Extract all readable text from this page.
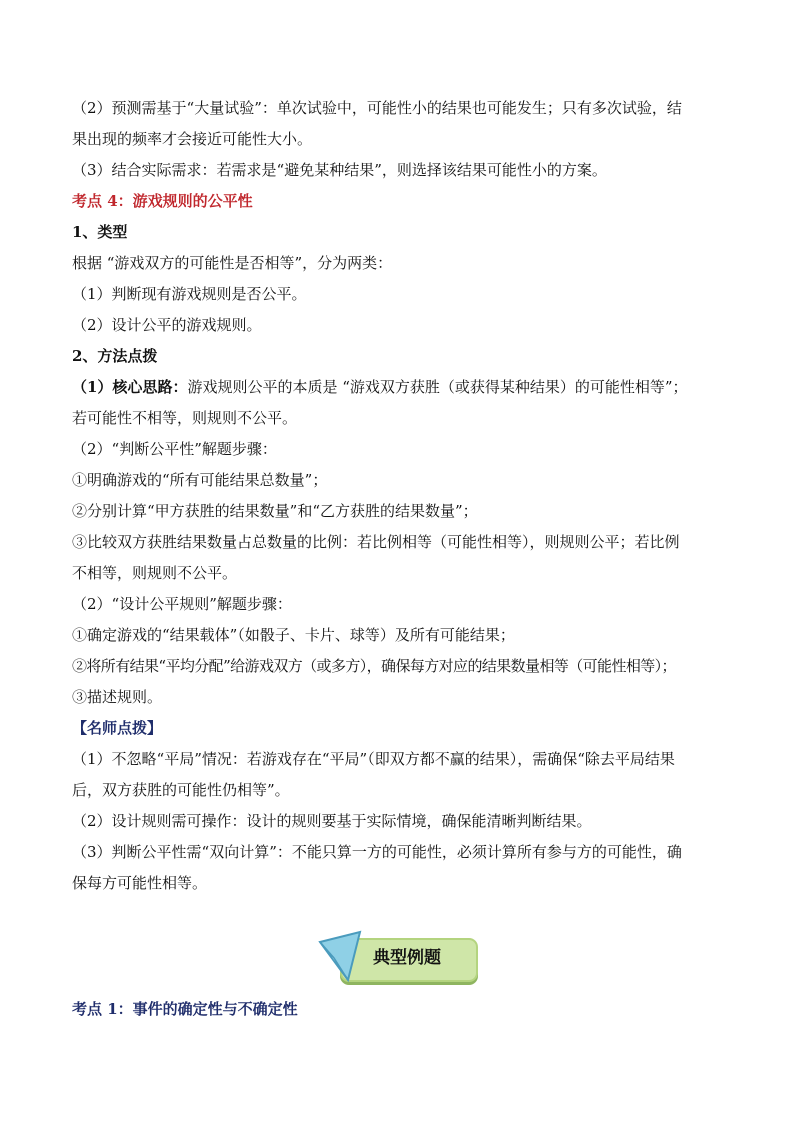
（2）预测需基于“大量试验”：单次试验中，可能性小的结果也可能发生；只有多次试验，结
果出现的频率才会接近可能性大小。
（3）结合实际需求：若需求是“避免某种结果”，则选择该结果可能性小的方案。
考点 4：游戏规则的公平性
1、类型
根据 “游戏双方的可能性是否相等”，分为两类：
（1）判断现有游戏规则是否公平。
（2）设计公平的游戏规则。
2、方法点拨
（1）核心思路：游戏规则公平的本质是 “游戏双方获胜（或获得某种结果）的可能性相等”；
若可能性不相等，则规则不公平。
（2）“判断公平性”解题步骤：
①明确游戏的“所有可能结果总数量”；
②分别计算“甲方获胜的结果数量”和“乙方获胜的结果数量”；
③比较双方获胜结果数量占总数量的比例：若比例相等（可能性相等），则规则公平；若比例
不相等，则规则不公平。
（2）“设计公平规则”解题步骤：
①确定游戏的“结果载体”（如骰子、卡片、球等）及所有可能结果；
②将所有结果“平均分配”给游戏双方（或多方），确保每方对应的结果数量相等（可能性相等）；
③描述规则。
【名师点拨】
（1）不忽略“平局”情况：若游戏存在“平局”（即双方都不赢的结果），需确保“除去平局结果
后，双方获胜的可能性仍相等”。
（2）设计规则需可操作：设计的规则要基于实际情境，确保能清晰判断结果。
（3）判断公平性需“双向计算”：不能只算一方的可能性，必须计算所有参与方的可能性，确
保每方可能性相等。
典型例题
考点 1：事件的确定性与不确定性
